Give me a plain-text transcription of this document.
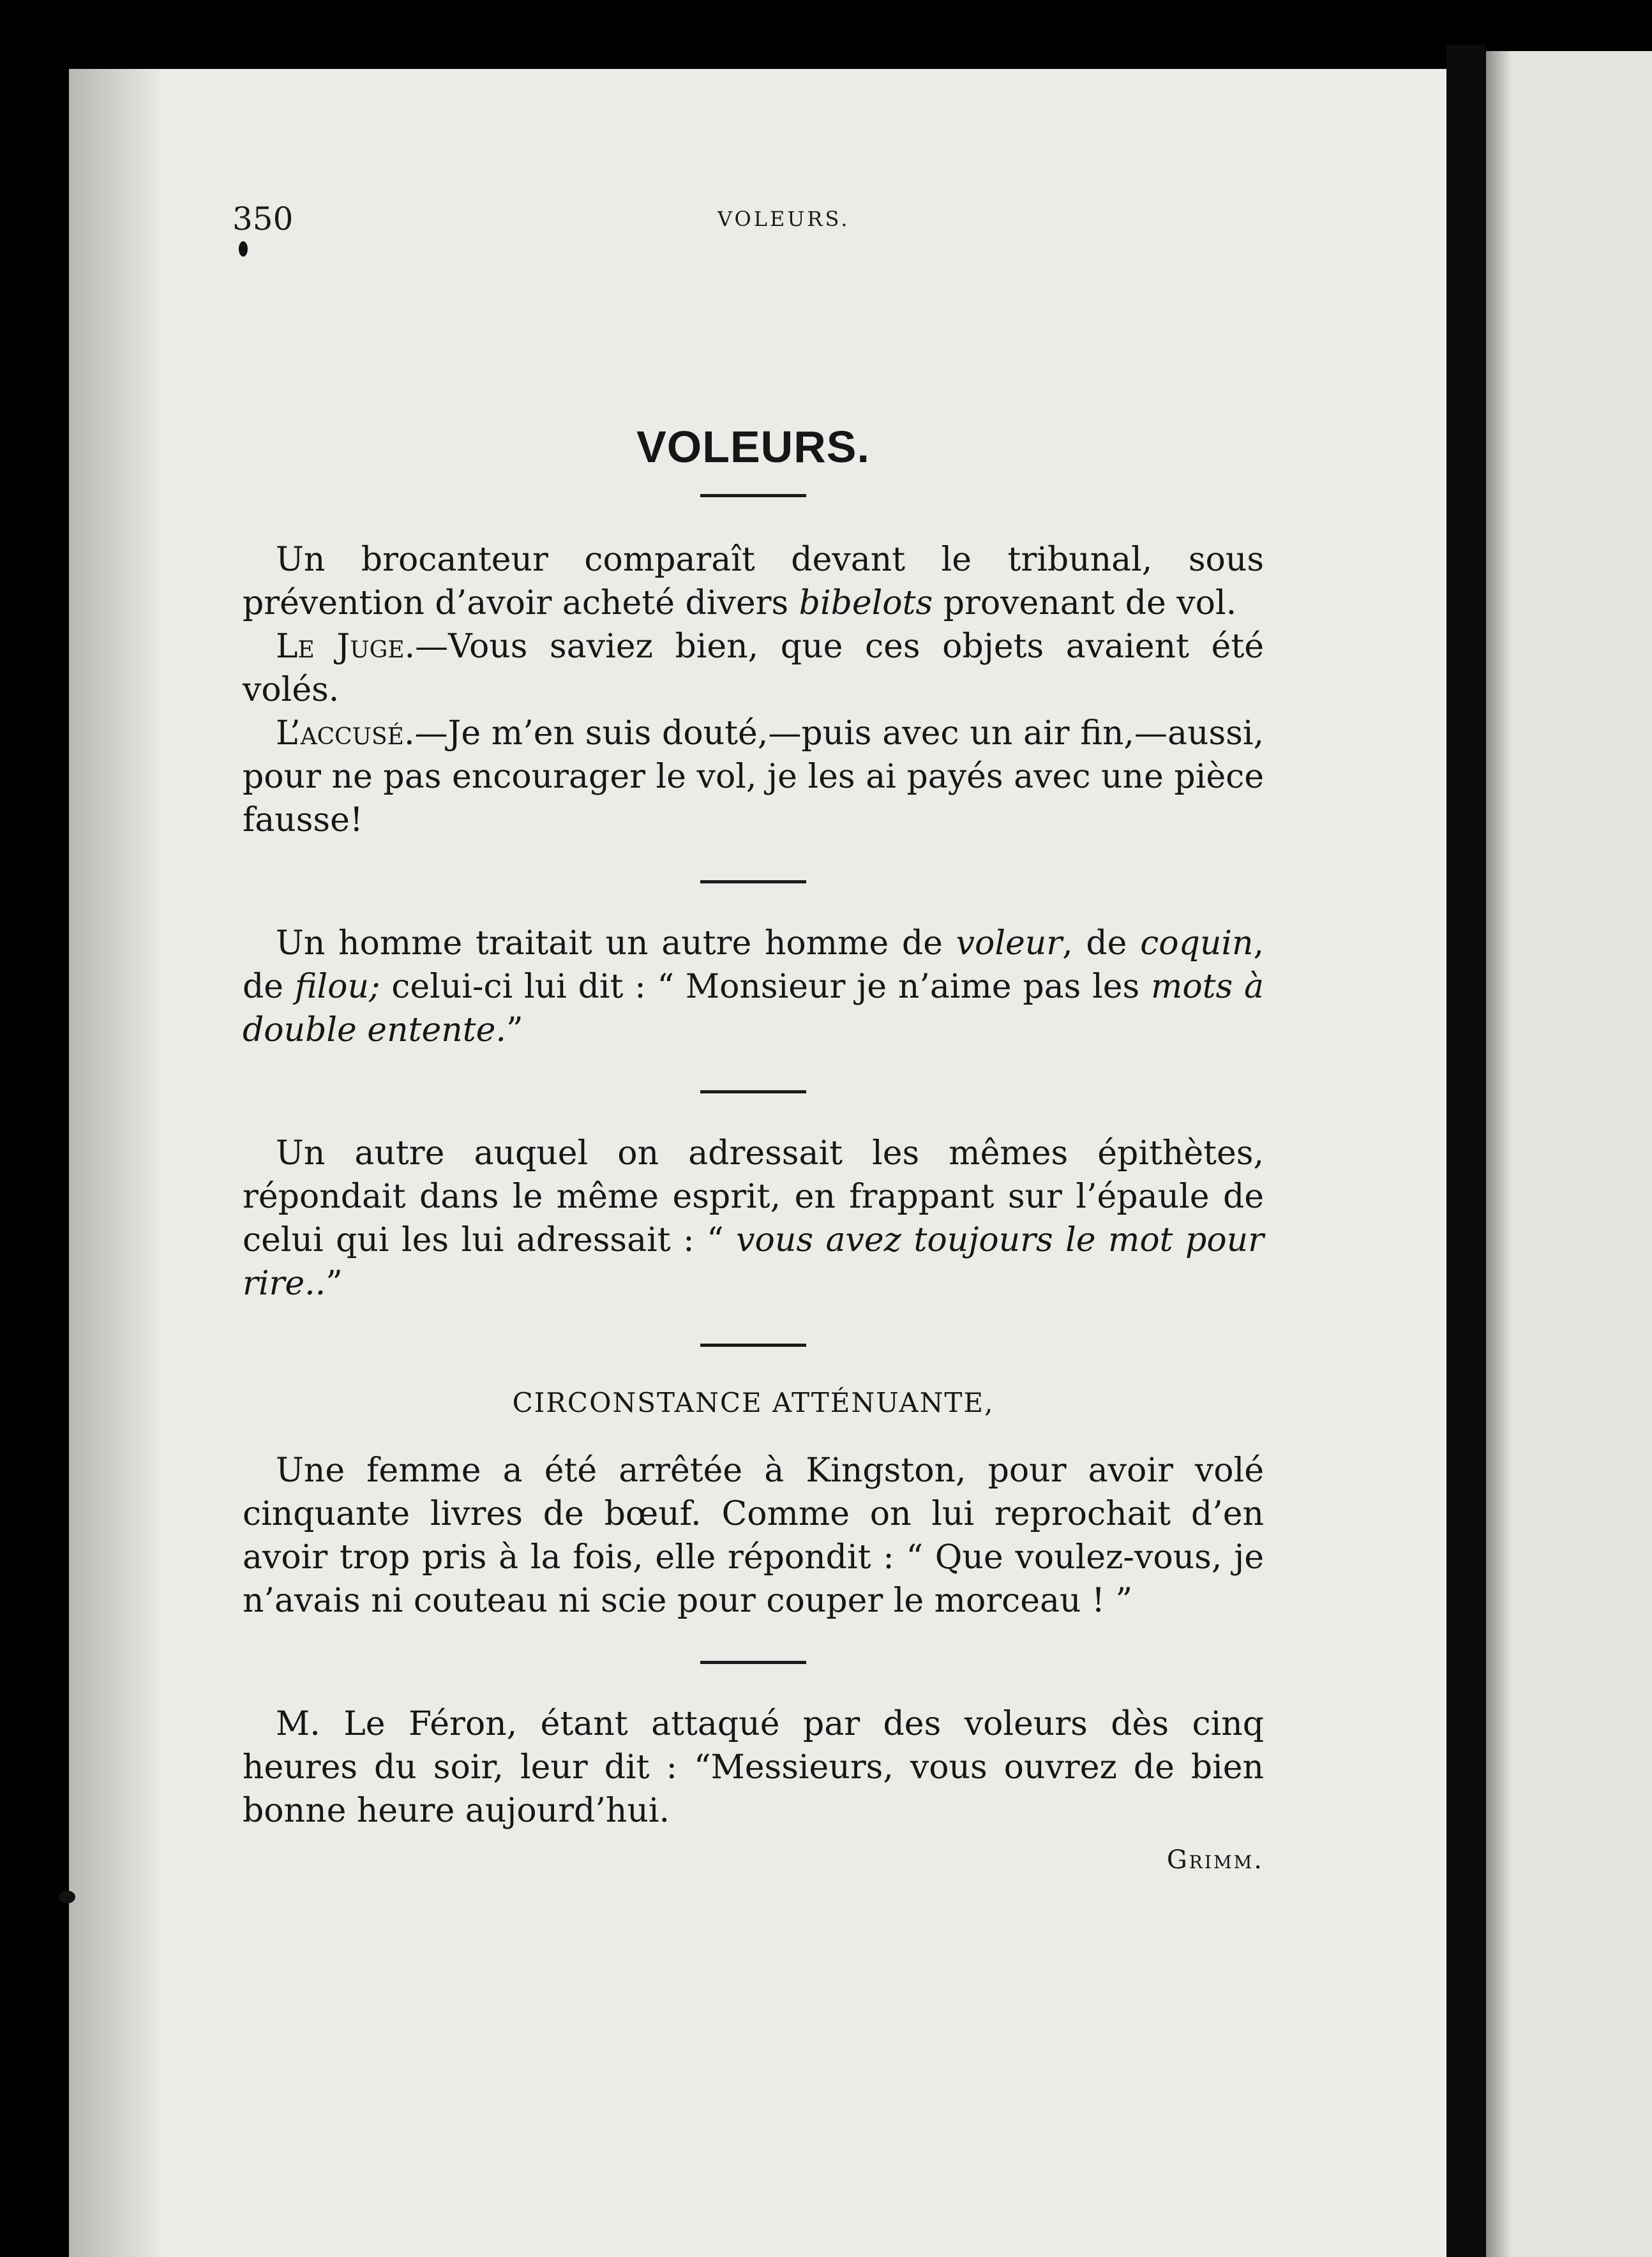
350	VOLEURS.
VOLEURS.

Un brocanteur comparaît devant le tribunal, sous prévention d’avoir acheté divers bibelots provenant de vol.

Le Juge.—Vous saviez bien, que ces objets avaient été volés.

L’accusé.—Je m’en suis douté,—puis avec un air fin,—aussi, pour ne pas encourager le vol, je les ai payés avec une pièce fausse!

Un homme traitait un autre homme de voleur, de coquin, de filou; celui-ci lui dit : “ Monsieur je n’aime pas les mots à double entente.”

Un autre auquel on adressait les mêmes épithètes, répondait dans le même esprit, en frappant sur l’épaule de celui qui les lui adressait : “ vous avez toujours le mot pour rire..”

CIRCONSTANCE ATTÉNUANTE,

Une femme a été arrêtée à Kingston, pour avoir volé cinquante livres de bœuf. Comme on lui reprochait d’en avoir trop pris à la fois, elle répondit : “ Que voulez-vous, je n’avais ni couteau ni scie pour couper le morceau ! ”

M. Le Féron, étant attaqué par des voleurs dès cinq heures du soir, leur dit : “Messieurs, vous ouvrez de bien bonne heure aujourd’hui.

Grimm.
